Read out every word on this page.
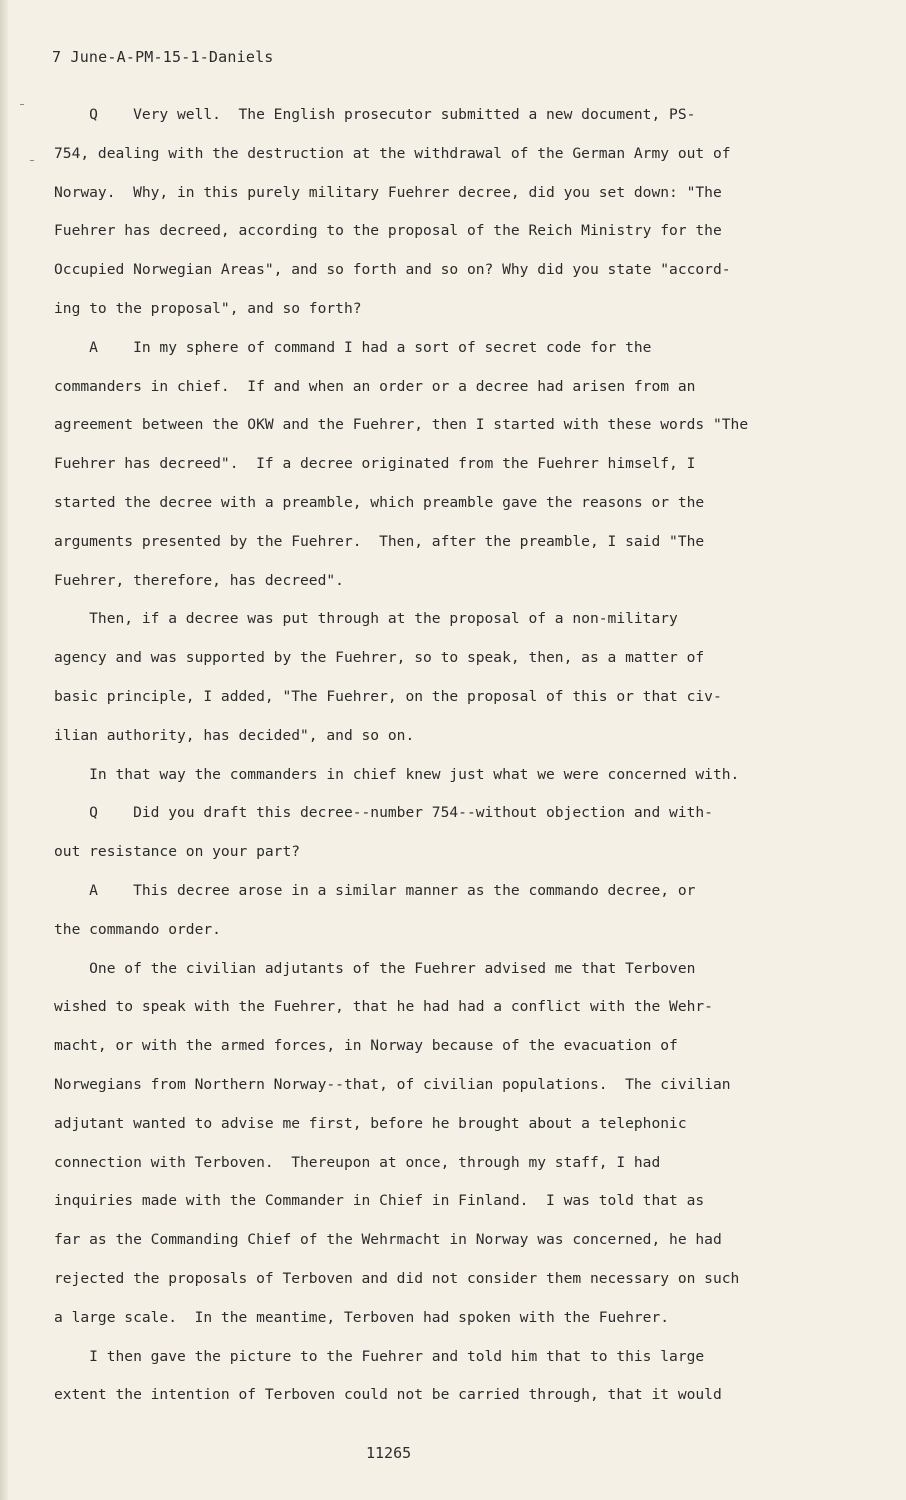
7 June-A-PM-15-1-Daniels
Q    Very well.  The English prosecutor submitted a new document, PS-
754, dealing with the destruction at the withdrawal of the German Army out of
Norway.  Why, in this purely military Fuehrer decree, did you set down: "The
Fuehrer has decreed, according to the proposal of the Reich Ministry for the
Occupied Norwegian Areas", and so forth and so on? Why did you state "accord-
ing to the proposal", and so forth?
A    In my sphere of command I had a sort of secret code for the
commanders in chief.  If and when an order or a decree had arisen from an
agreement between the OKW and the Fuehrer, then I started with these words "The
Fuehrer has decreed".  If a decree originated from the Fuehrer himself, I
started the decree with a preamble, which preamble gave the reasons or the
arguments presented by the Fuehrer.  Then, after the preamble, I said "The
Fuehrer, therefore, has decreed".
Then, if a decree was put through at the proposal of a non-military
agency and was supported by the Fuehrer, so to speak, then, as a matter of
basic principle, I added, "The Fuehrer, on the proposal of this or that civ-
ilian authority, has decided", and so on.
In that way the commanders in chief knew just what we were concerned with.
Q    Did you draft this decree--number 754--without objection and with-
out resistance on your part?
A    This decree arose in a similar manner as the commando decree, or
the commando order.
One of the civilian adjutants of the Fuehrer advised me that Terboven
wished to speak with the Fuehrer, that he had had a conflict with the Wehr-
macht, or with the armed forces, in Norway because of the evacuation of
Norwegians from Northern Norway--that, of civilian populations.  The civilian
adjutant wanted to advise me first, before he brought about a telephonic
connection with Terboven.  Thereupon at once, through my staff, I had
inquiries made with the Commander in Chief in Finland.  I was told that as
far as the Commanding Chief of the Wehrmacht in Norway was concerned, he had
rejected the proposals of Terboven and did not consider them necessary on such
a large scale.  In the meantime, Terboven had spoken with the Fuehrer.
I then gave the picture to the Fuehrer and told him that to this large
extent the intention of Terboven could not be carried through, that it would
11265
